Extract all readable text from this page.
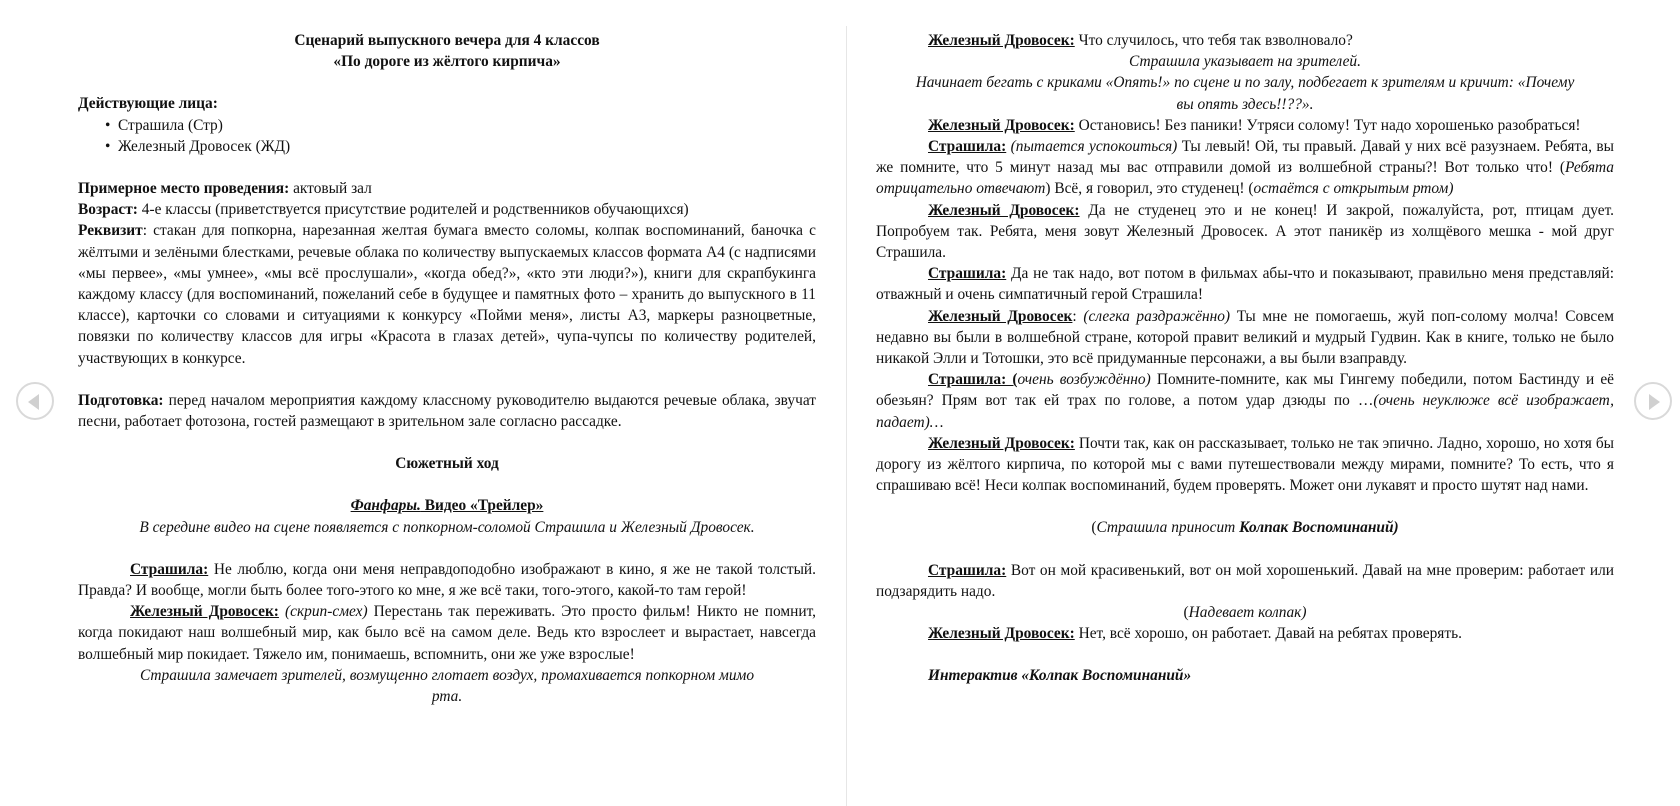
Сценарий выпускного вечера для 4 классов

«По дороге из жёлтого кирпича»

Действующие лица:

• Страшила (Стр)
• Железный Дровосек (ЖД)

Примерное место проведения: актовый зал

Возраст: 4-е классы (приветствуется присутствие родителей и родственников обучающихся)

Реквизит: стакан для попкорна, нарезанная желтая бумага вместо соломы, колпак воспоминаний, баночка с жёлтыми и зелёными блестками, речевые облака по количеству выпускаемых классов формата А4 (с надписями «мы первее», «мы умнее», «мы всё прослушали», «когда обед?», «кто эти люди?»), книги для скрапбукинга каждому классу (для воспоминаний, пожеланий себе в будущее и памятных фото – хранить до выпускного в 11 классе), карточки со словами и ситуациями к конкурсу «Пойми меня», листы А3, маркеры разноцветные, повязки по количеству классов для игры «Красота в глазах детей», чупа-чупсы по количеству родителей, участвующих в конкурсе.

Подготовка: перед началом мероприятия каждому классному руководителю выдаются речевые облака, звучат песни, работает фотозона, гостей размещают в зрительном зале согласно рассадке.

Сюжетный ход

Фанфары. Видео «Трейлер»

В середине видео на сцене появляется с попкорном-соломой Страшила и Железный Дровосек.

Страшила: Не люблю, когда они меня неправдоподобно изображают в кино, я же не такой толстый. Правда? И вообще, могли быть более того-этого ко мне, я же всё таки, того-этого, какой-то там герой!

Железный Дровосек: (скрип-смех) Перестань так переживать. Это просто фильм! Никто не помнит, когда покидают наш волшебный мир, как было всё на самом деле. Ведь кто взрослеет и вырастает, навсегда волшебный мир покидает. Тяжело им, понимаешь, вспомнить, они же уже взрослые!

Страшила замечает зрителей, возмущенно глотает воздух, промахивается попкорном мимо рта.

Железный Дровосек: Что случилось, что тебя так взволновало?

Страшила указывает на зрителей.

Начинает бегать с криками «Опять!» по сцене и по залу, подбегает к зрителям и кричит: «Почему вы опять здесь!!??».

Железный Дровосек: Остановись! Без паники! Утряси солому! Тут надо хорошенько разобраться!

Страшила: (пытается успокоиться) Ты левый! Ой, ты правый. Давай у них всё разузнаем. Ребята, вы же помните, что 5 минут назад мы вас отправили домой из волшебной страны?! Вот только что! (Ребята отрицательно отвечают) Всё, я говорил, это студенец! (остаётся с открытым ртом)

Железный Дровосек: Да не студенец это и не конец! И закрой, пожалуйста, рот, птицам дует. Попробуем так. Ребята, меня зовут Железный Дровосек. А этот паникёр из холщёвого мешка - мой друг Страшила.

Страшила: Да не так надо, вот потом в фильмах абы-что и показывают, правильно меня представляй: отважный и очень симпатичный герой Страшила!

Железный Дровосек: (слегка раздражённо) Ты мне не помогаешь, жуй поп-солому молча! Совсем недавно вы были в волшебной стране, которой правит великий и мудрый Гудвин. Как в книге, только не было никакой Элли и Тотошки, это всё придуманные персонажи, а вы были взаправду.

Страшила: (очень возбуждённо) Помните-помните, как мы Гингему победили, потом Бастинду и её обезьян? Прям вот так ей трах по голове, а потом удар дзюды по …(очень неуклюже всё изображает, падает)…

Железный Дровосек: Почти так, как он рассказывает, только не так эпично. Ладно, хорошо, но хотя бы дорогу из жёлтого кирпича, по которой мы с вами путешествовали между мирами, помните? То есть, что я спрашиваю всё! Неси колпак воспоминаний, будем проверять. Может они лукавят и просто шутят над нами.

(Страшила приносит Колпак Воспоминаний)

Страшила: Вот он мой красивенький, вот он мой хорошенький. Давай на мне проверим: работает или подзарядить надо.

(Надевает колпак)

Железный Дровосек: Нет, всё хорошо, он работает. Давай на ребятах проверять.

Интерактив «Колпак Воспоминаний»
